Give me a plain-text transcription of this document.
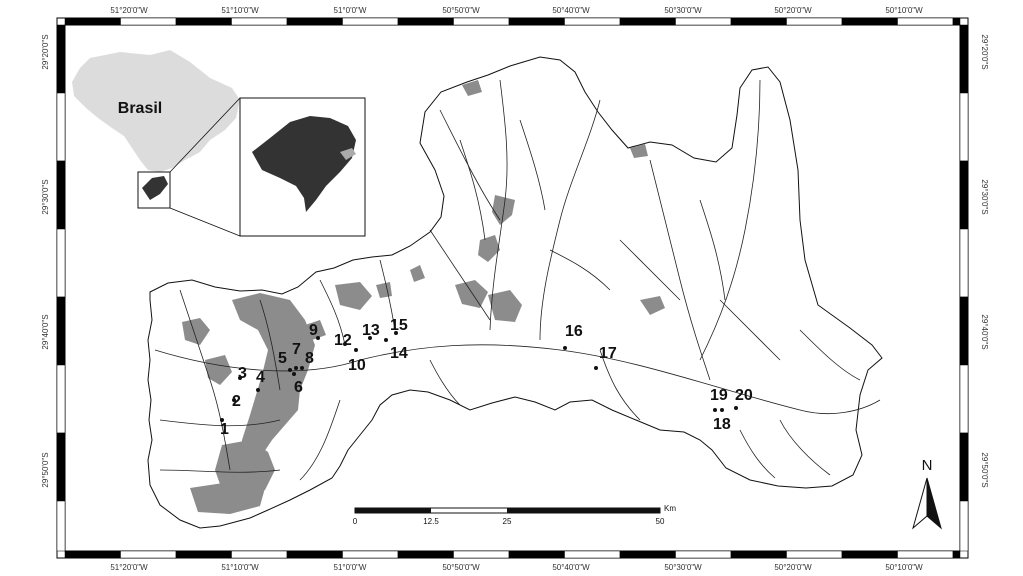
51°20'0"W	51°10'0"W	51°0'0"W	50°50'0"W	50°40'0"W	50°30'0"W	50°20'0"W	50°10'0"W
51°20'0"W	51°10'0"W	51°0'0"W	50°50'0"W	50°40'0"W	50°30'0"W	50°20'0"W	50°10'0"W
29°20'0"S
29°30'0"S
29°40'0"S
29°50'0"S
29°20'0"S
29°30'0"S
29°40'0"S
29°50'0"S
Brasil
1
2
3 4
5
6
7
8
9
10
12
13
14
15	16
17
18
19 20
0	12.5	25	50
Km
N
